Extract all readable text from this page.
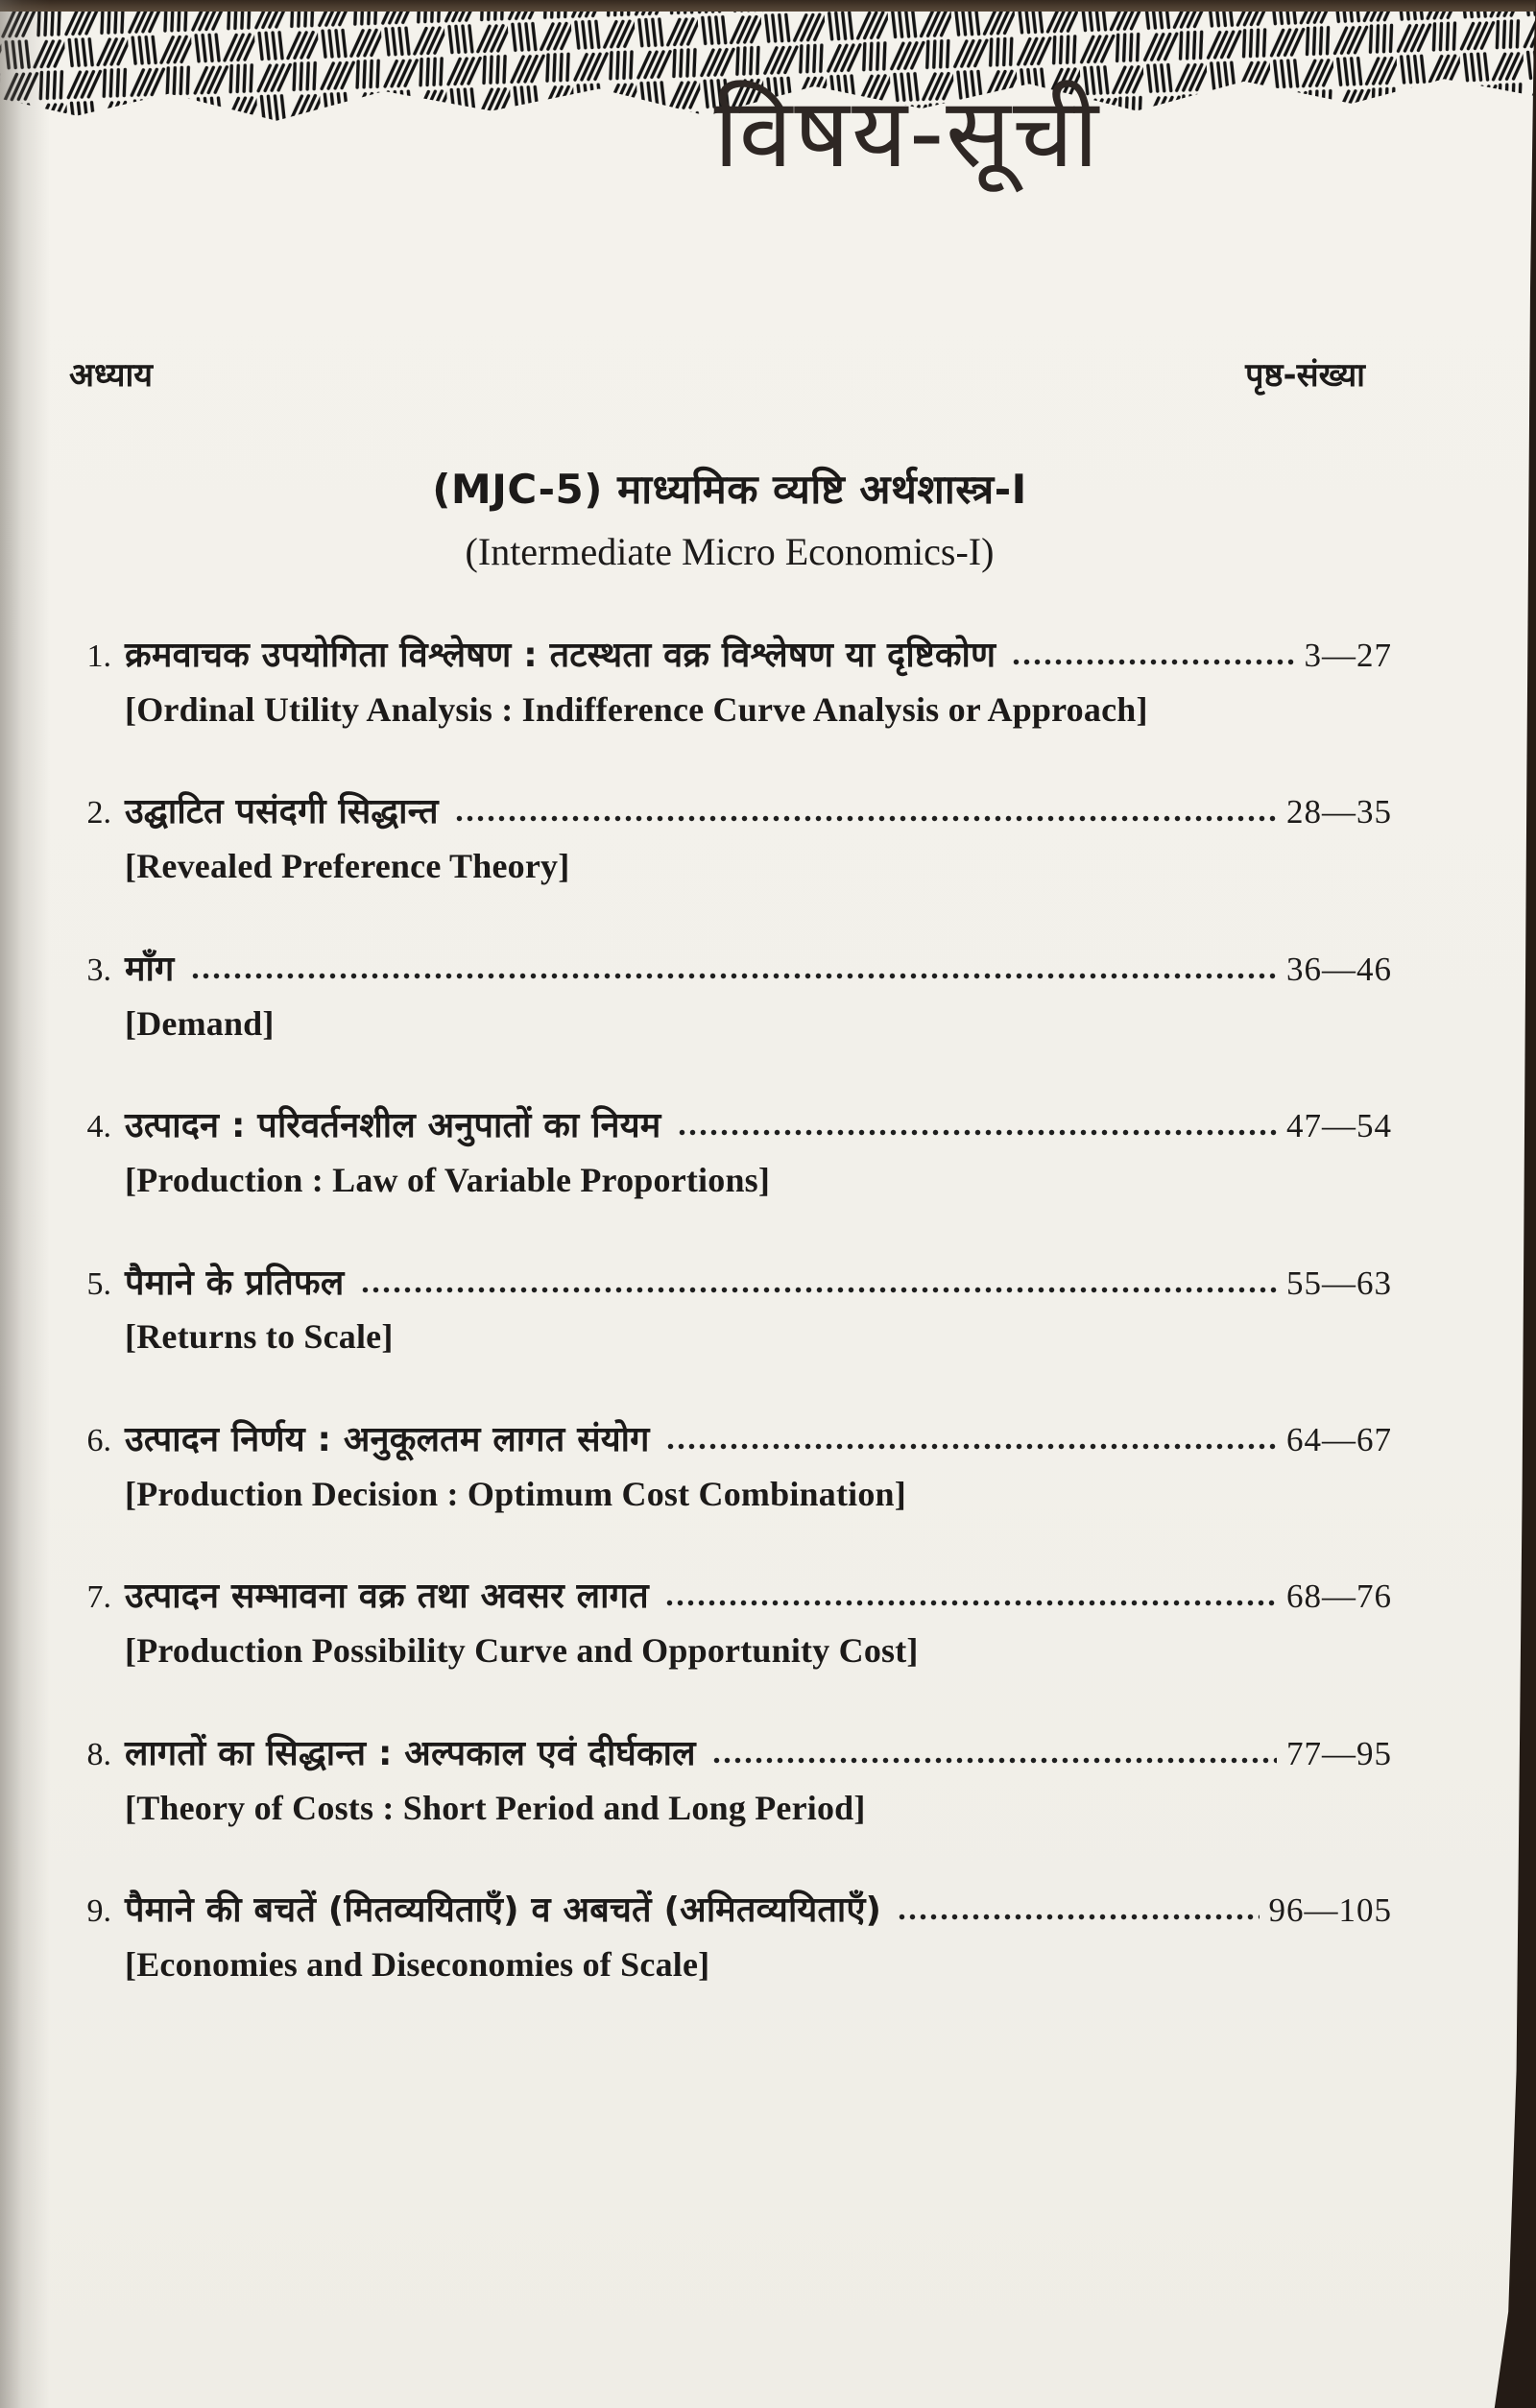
विषय-सूची
अध्याय	पृष्ठ-संख्या

(MJC-5) माध्यमिक व्यष्टि अर्थशास्त्र-I

(Intermediate Micro Economics-I)

1. क्रमवाचक उपयोगिता विश्लेषण : तटस्थता वक्र विश्लेषण या दृष्टिकोण	3—27
[Ordinal Utility Analysis : Indifference Curve Analysis or Approach]
2. उद्घाटित पसंदगी सिद्धान्त	28—35
[Revealed Preference Theory]
3. माँग	36—46
[Demand]
4. उत्पादन : परिवर्तनशील अनुपातों का नियम	47—54
[Production : Law of Variable Proportions]
5. पैमाने के प्रतिफल	55—63
[Returns to Scale]
6. उत्पादन निर्णय : अनुकूलतम लागत संयोग	64—67
[Production Decision : Optimum Cost Combination]
7. उत्पादन सम्भावना वक्र तथा अवसर लागत	68—76
[Production Possibility Curve and Opportunity Cost]
8. लागतों का सिद्धान्त : अल्पकाल एवं दीर्घकाल	77—95
[Theory of Costs : Short Period and Long Period]
9. पैमाने की बचतें (मितव्ययिताएँ) व अबचतें (अमितव्ययिताएँ)	96—105
[Economies and Diseconomies of Scale]
